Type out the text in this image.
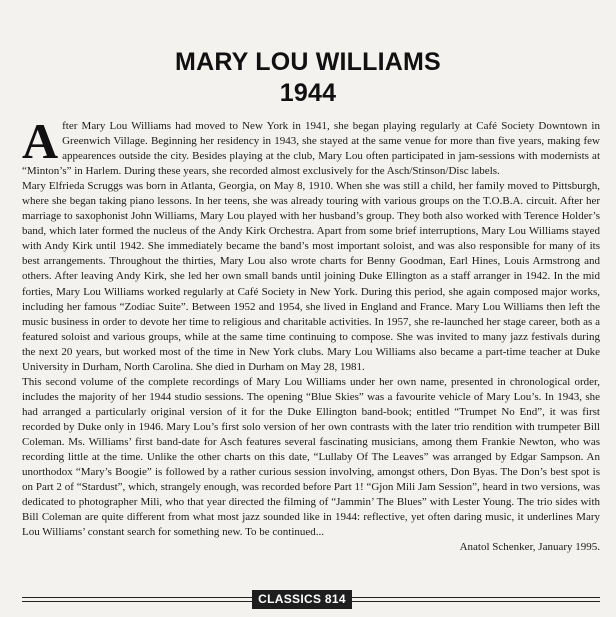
MARY LOU WILLIAMS
1944

After Mary Lou Williams had moved to New York in 1941, she began playing regularly at Café Society Downtown in Greenwich Village. Beginning her residency in 1943, she stayed at the same venue for more than five years, making few appearences outside the city. Besides playing at the club, Mary Lou often participated in jam-sessions with modernists at “Minton’s” in Harlem. During these years, she recorded almost exclusively for the Asch/Stinson/Disc labels.

Mary Elfrieda Scruggs was born in Atlanta, Georgia, on May 8, 1910. When she was still a child, her family moved to Pittsburgh, where she began taking piano lessons. In her teens, she was already touring with various groups on the T.O.B.A. circuit. After her marriage to saxophonist John Williams, Mary Lou played with her husband’s group. They both also worked with Terence Holder’s band, which later formed the nucleus of the Andy Kirk Orchestra. Apart from some brief interruptions, Mary Lou Williams stayed with Andy Kirk until 1942. She immediately became the band’s most important soloist, and was also responsible for many of its best arrangements. Throughout the thirties, Mary Lou also wrote charts for Benny Goodman, Earl Hines, Louis Armstrong and others. After leaving Andy Kirk, she led her own small bands until joining Duke Ellington as a staff arranger in 1942. In the mid forties, Mary Lou Williams worked regularly at Café Society in New York. During this period, she again composed major works, including her famous “Zodiac Suite”. Between 1952 and 1954, she lived in England and France. Mary Lou Williams then left the music business in order to devote her time to religious and charitable activities. In 1957, she re-launched her stage career, both as a featured soloist and various groups, while at the same time continuing to compose. She was invited to many jazz festivals during the next 20 years, but worked most of the time in New York clubs. Mary Lou Williams also became a part-time teacher at Duke University in Durham, North Carolina. She died in Durham on May 28, 1981.

This second volume of the complete recordings of Mary Lou Williams under her own name, presented in chronological order, includes the majority of her 1944 studio sessions. The opening “Blue Skies” was a favourite vehicle of Mary Lou’s. In 1943, she had arranged a particularly original version of it for the Duke Ellington band-book; entitled “Trumpet No End”, it was first recorded by Duke only in 1946. Mary Lou’s first solo version of her own contrasts with the later trio rendition with trumpeter Bill Coleman. Ms. Williams’ first band-date for Asch features several fascinating musicians, among them Frankie Newton, who was recording little at the time. Unlike the other charts on this date, “Lullaby Of The Leaves” was arranged by Edgar Sampson. An unorthodox “Mary’s Boogie” is followed by a rather curious session involving, amongst others, Don Byas. The Don’s best spot is on Part 2 of “Stardust”, which, strangely enough, was recorded before Part 1! “Gjon Mili Jam Session”, heard in two versions, was dedicated to photographer Mili, who that year directed the filming of “Jammin’ The Blues” with Lester Young. The trio sides with Bill Coleman are quite different from what most jazz sounded like in 1944: reflective, yet often daring music, it underlines Mary Lou Williams’ constant search for something new. To be continued...

Anatol Schenker, January 1995.

CLASSICS 814
